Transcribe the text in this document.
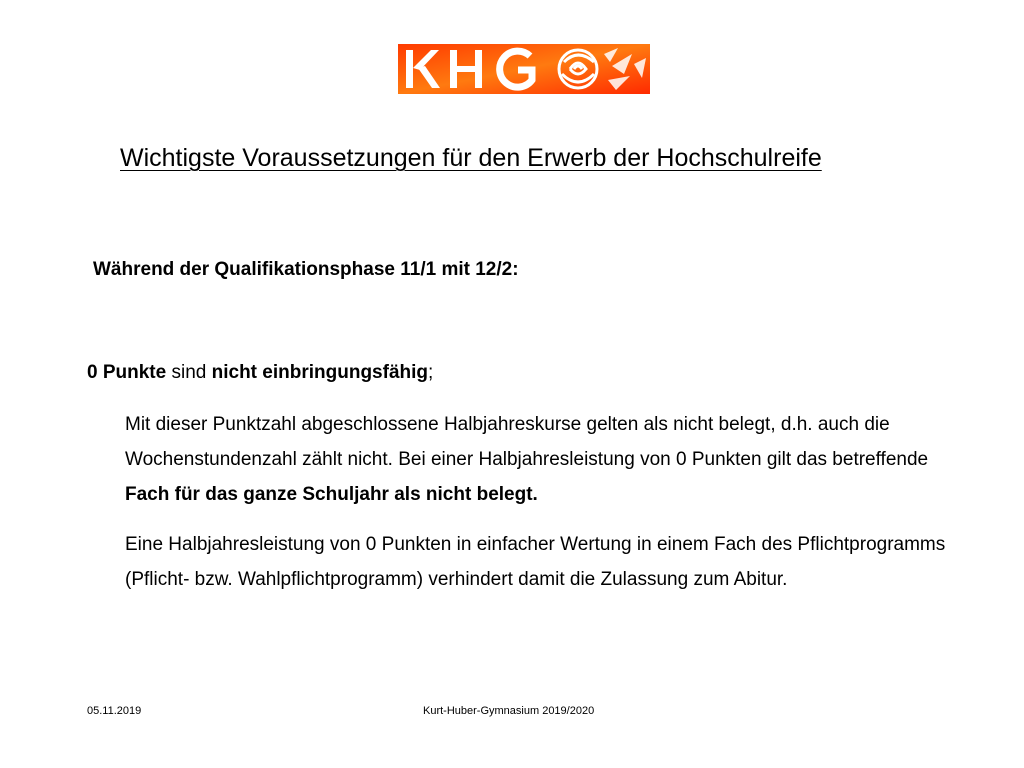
Wichtigste Voraussetzungen für den Erwerb der Hochschulreife
Während der Qualifikationsphase 11/1 mit 12/2:
0 Punkte sind nicht einbringungsfähig;
Mit dieser Punktzahl abgeschlossene Halbjahreskurse gelten als nicht belegt, d.h. auch die Wochenstundenzahl zählt nicht. Bei einer Halbjahresleistung von 0 Punkten gilt das betreffende Fach für das ganze Schuljahr als nicht belegt.
Eine Halbjahresleistung von 0 Punkten in einfacher Wertung in einem Fach des Pflichtprogramms (Pflicht- bzw. Wahlpflichtprogramm) verhindert damit die Zulassung zum Abitur.
05.11.2019	Kurt-Huber-Gymnasium 2019/2020
